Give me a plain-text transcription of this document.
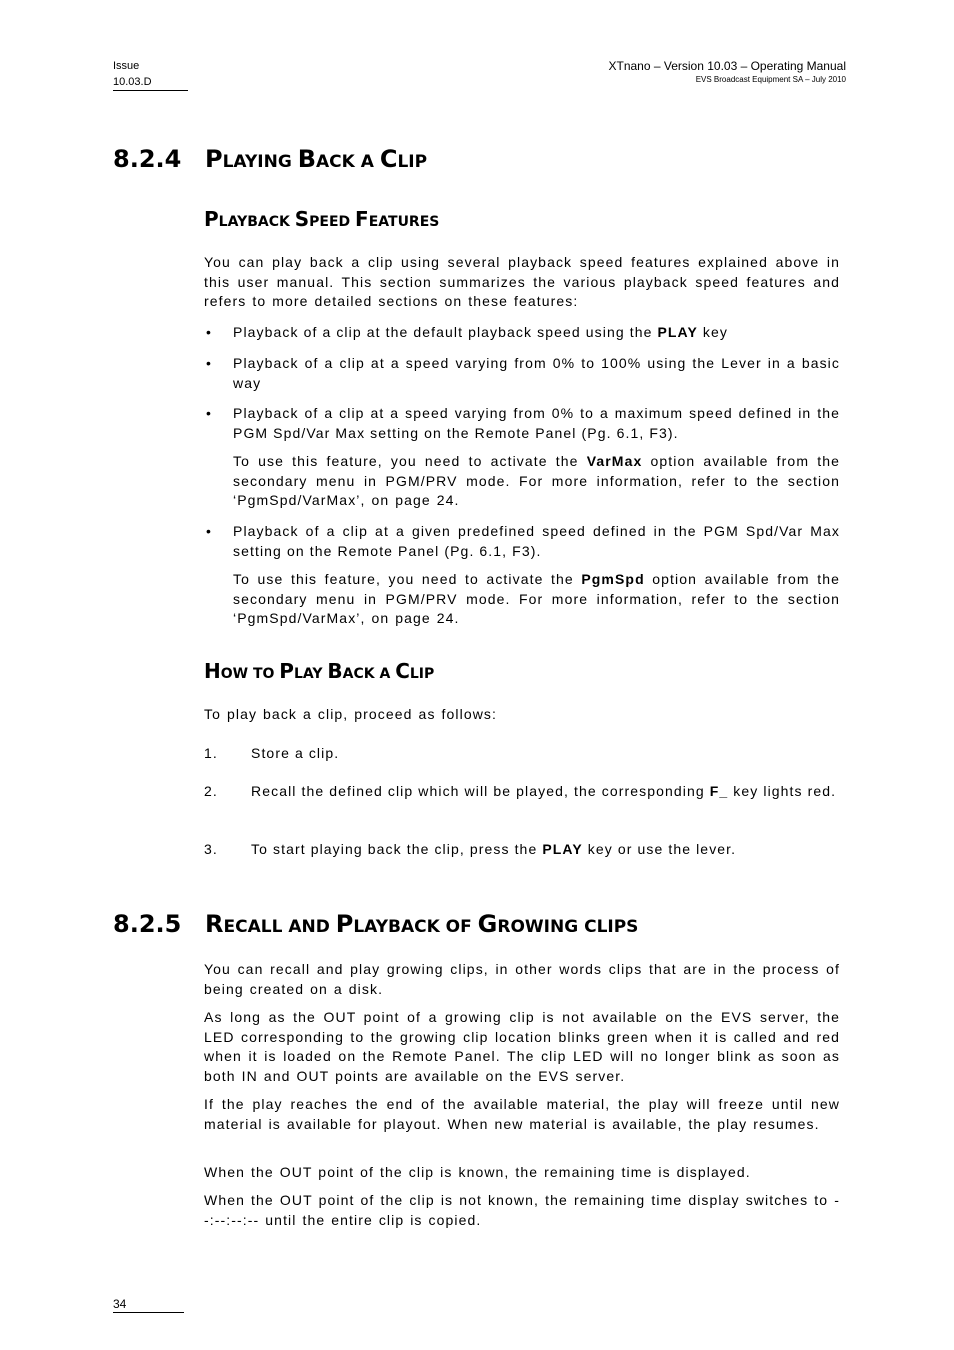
Issue
10.03.D
XTnano – Version 10.03 – Operating Manual
EVS Broadcast Equipment SA – July 2010
8.2.4 PLAYING BACK A CLIP
PLAYBACK SPEED FEATURES
You can play back a clip using several playback speed features explained above in this user manual. This section summarizes the various playback speed features and refers to more detailed sections on these features:
• Playback of a clip at the default playback speed using the PLAY key
• Playback of a clip at a speed varying from 0% to 100% using the Lever in a basic way
• Playback of a clip at a speed varying from 0% to a maximum speed defined in the PGM Spd/Var Max setting on the Remote Panel (Pg. 6.1, F3).
To use this feature, you need to activate the VarMax option available from the secondary menu in PGM/PRV mode. For more information, refer to the section ‘PgmSpd/VarMax’, on page 24.
• Playback of a clip at a given predefined speed defined in the PGM Spd/Var Max setting on the Remote Panel (Pg. 6.1, F3).
To use this feature, you need to activate the PgmSpd option available from the secondary menu in PGM/PRV mode. For more information, refer to the section ‘PgmSpd/VarMax’, on page 24.
HOW TO PLAY BACK A CLIP
To play back a clip, proceed as follows:
1. Store a clip.
2. Recall the defined clip which will be played, the corresponding F_ key lights red.
3. To start playing back the clip, press the PLAY key or use the lever.
8.2.5 RECALL AND PLAYBACK OF GROWING CLIPS
You can recall and play growing clips, in other words clips that are in the process of being created on a disk.
As long as the OUT point of a growing clip is not available on the EVS server, the LED corresponding to the growing clip location blinks green when it is called and red when it is loaded on the Remote Panel. The clip LED will no longer blink as soon as both IN and OUT points are available on the EVS server.
If the play reaches the end of the available material, the play will freeze until new material is available for playout. When new material is available, the play resumes.
When the OUT point of the clip is known, the remaining time is displayed.
When the OUT point of the clip is not known, the remaining time display switches to --:--:--:-- until the entire clip is copied.
34
